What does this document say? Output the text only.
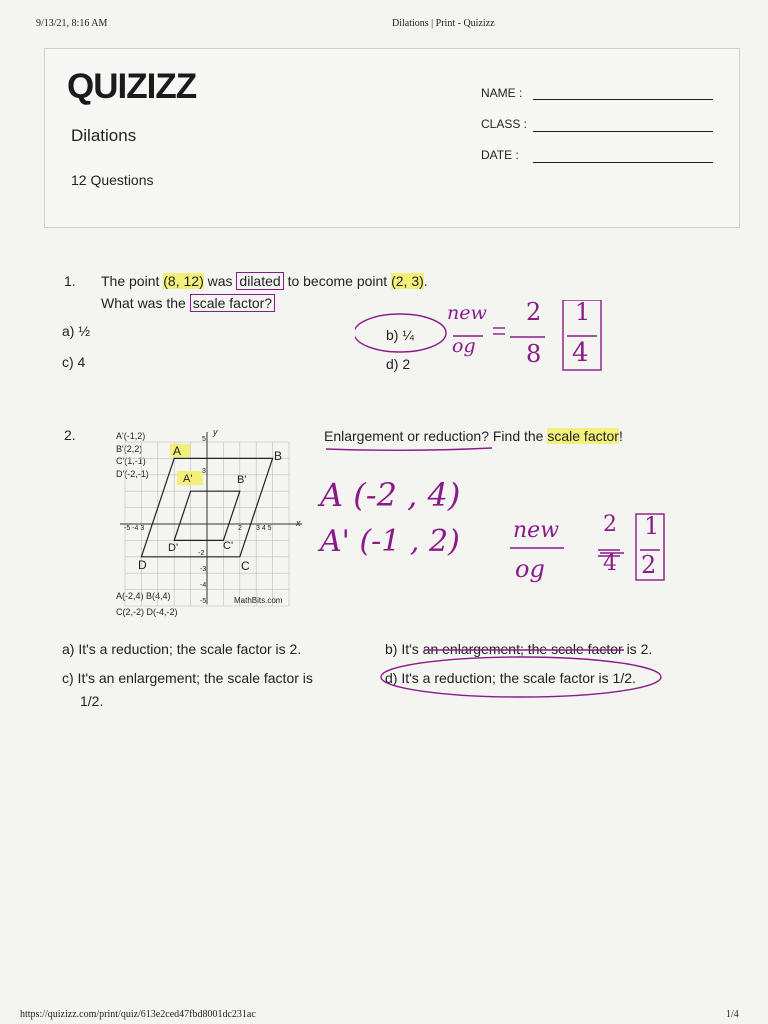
9/13/21, 8:16 AM	Dilations | Print - Quizizz
QUIZIZZ
Dilations
12 Questions
NAME :
CLASS :
DATE :
1. The point (8, 12) was dilated to become point (2, 3).
What was the scale factor?
a) ½
c) 4
b) ¼
d) 2
new
og
2
8
1
4
2.	Enlargement or reduction? Find the scale factor!
A'(-1,2)
B'(2,2)
C'(1,-1)
D'(-2,-1)
A(-2,4) B(4,4)
C(2,-2) D(-4,-2)
A	B
C
D
A'	B'
C'
D'
y
x
MathBits.com
5
3
-3
-4
-5
-5 -4 3	3 4 5
2
-2
A (-2 , 4)
A' (-1 , 2) new
og
2
4
1
2
a) It's a reduction; the scale factor is 2.
c) It's an enlargement; the scale factor is
1/2.
b) It's an enlargement; the scale factor is 2.
d) It's a reduction; the scale factor is 1/2.
https://quizizz.com/print/quiz/613e2ced47fbd8001dc231ac	1/4
